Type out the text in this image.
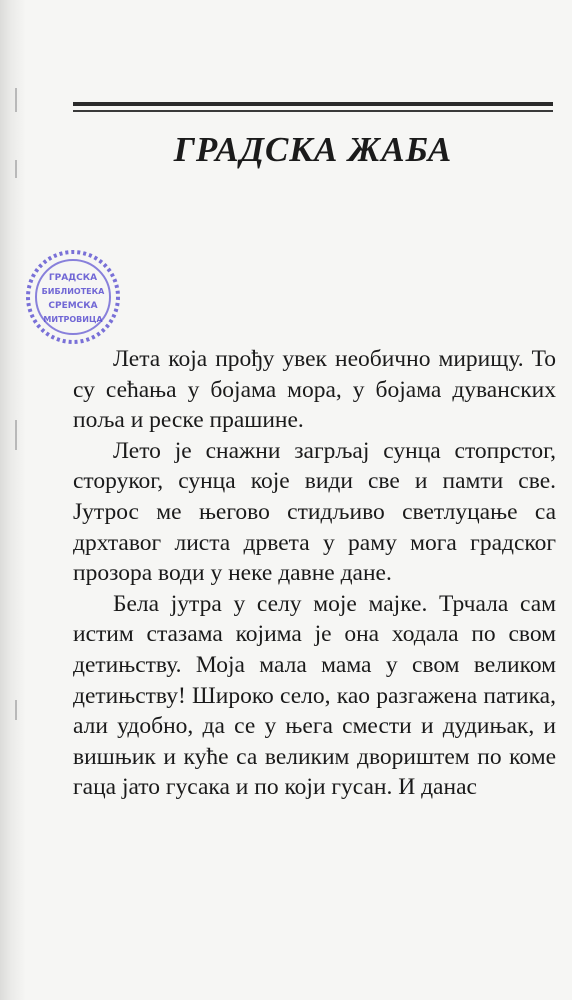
ГРАДСКА ЖАБА
ГРАДСКА
БИБЛИОТЕКА
СРЕМСКА
МИТРОВИЦА

Лета која прођу увек необично мирищу. То су сећања у бојама мора, у бојама дуванских поља и реске прашине.

Лето је снажни загрљај сунца стопрстог, сторуког, сунца које види све и памти све. Јутрос ме његово стидљиво светлуцање са дрхтавог листа дрвета у раму мога градског прозора води у неке давне дане.

Бела јутра у селу моје мајке. Трчала сам истим стазама којима је она ходала по свом детињству. Моја мала мама у свом великом детињству! Широко село, као разгажена патика, али удобно, да се у њега смести и дудињак, и вишњик и куће са великим двориштем по коме гаца јато гусака и по који гусан. И данас
